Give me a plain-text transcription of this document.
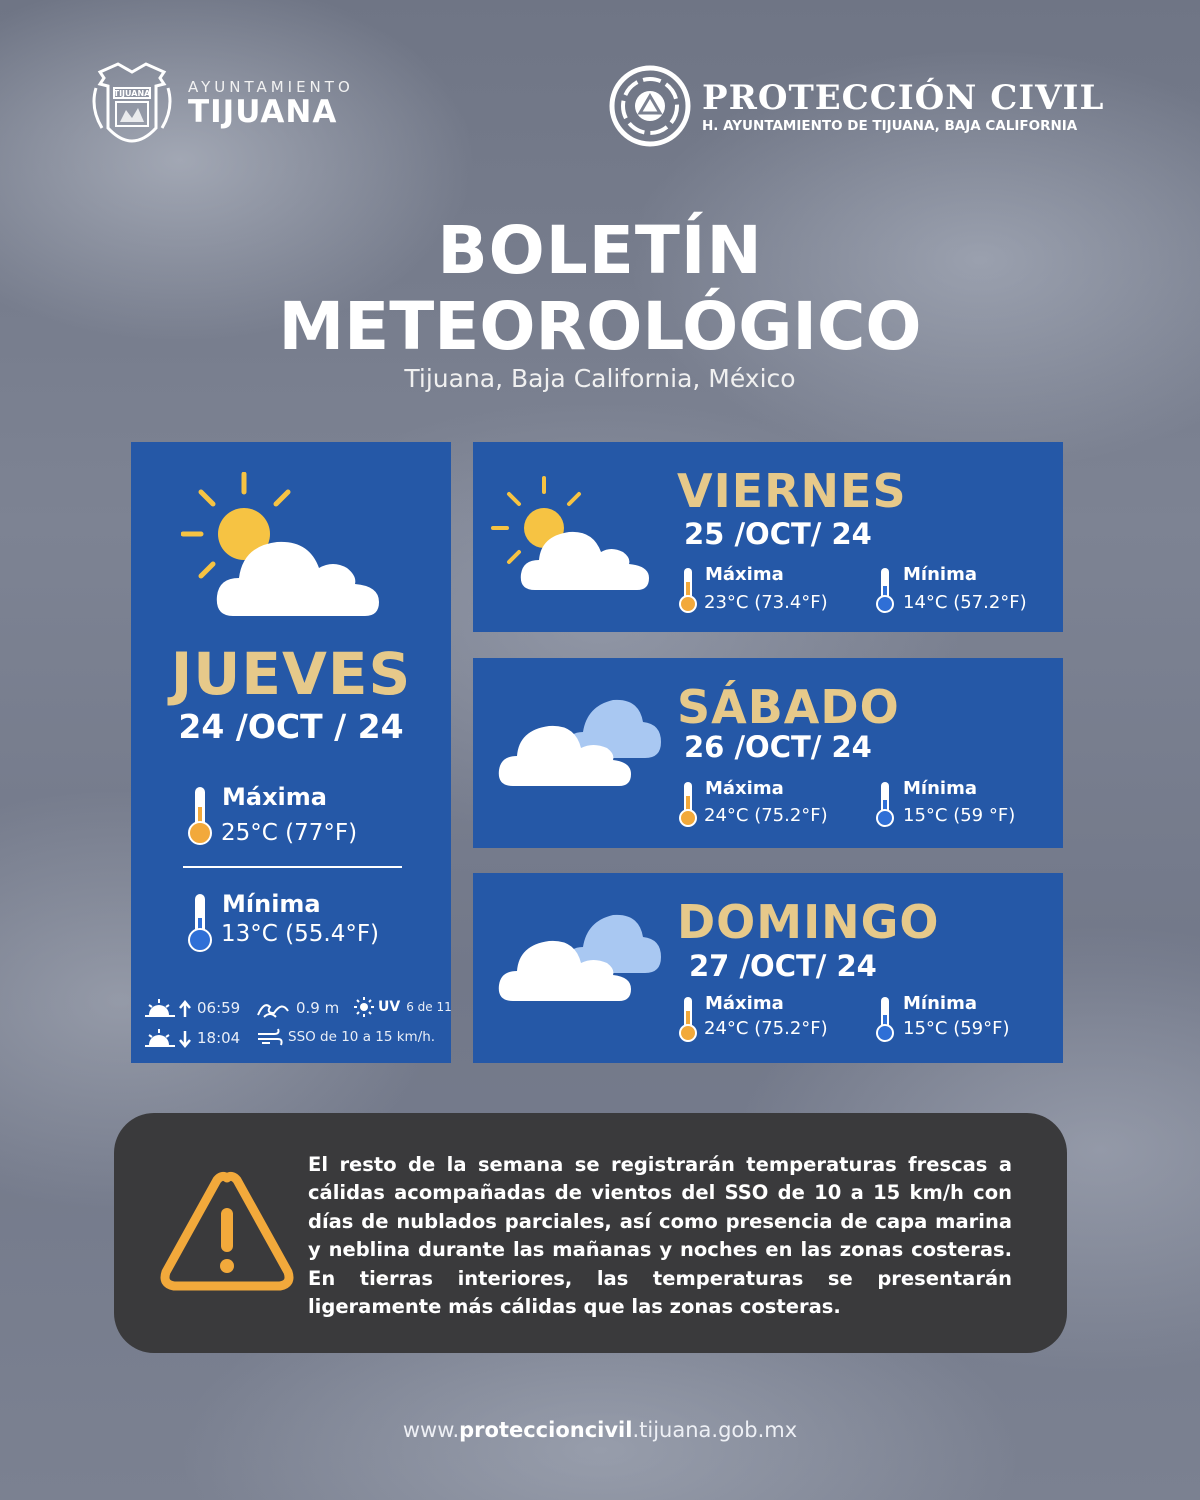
TIJUANA	AYUNTAMIENTO
TIJUANA	PROTECCIÓN CIVIL
H. AYUNTAMIENTO DE TIJUANA, BAJA CALIFORNIA
BOLETÍN
METEOROLÓGICO
Tijuana, Baja California, México
JUEVES
24 /OCT / 24
Máxima
25°C (77°F)
Mínima
13°C (55.4°F)
06:59	0.9 m	UV 6 de 11
18:04	SSO de 10 a 15 km/h.
VIERNES
25 /OCT/ 24
Máxima
23°C (73.4°F)
Mínima
14°C (57.2°F)
SÁBADO
26 /OCT/ 24
Máxima
24°C (75.2°F)
Mínima
15°C (59 °F)
DOMINGO
27 /OCT/ 24
Máxima
24°C (75.2°F)
Mínima
15°C (59°F)
El resto de la semana se registrarán temperaturas frescas a cálidas acompañadas de vientos del SSO de 10 a 15 km/h con días de nublados parciales, así como presencia de capa marina y neblina durante las mañanas y noches en las zonas costeras. En tierras interiores, las temperaturas se presentarán ligeramente más cálidas que las zonas costeras.
www.proteccioncivil.tijuana.gob.mx
